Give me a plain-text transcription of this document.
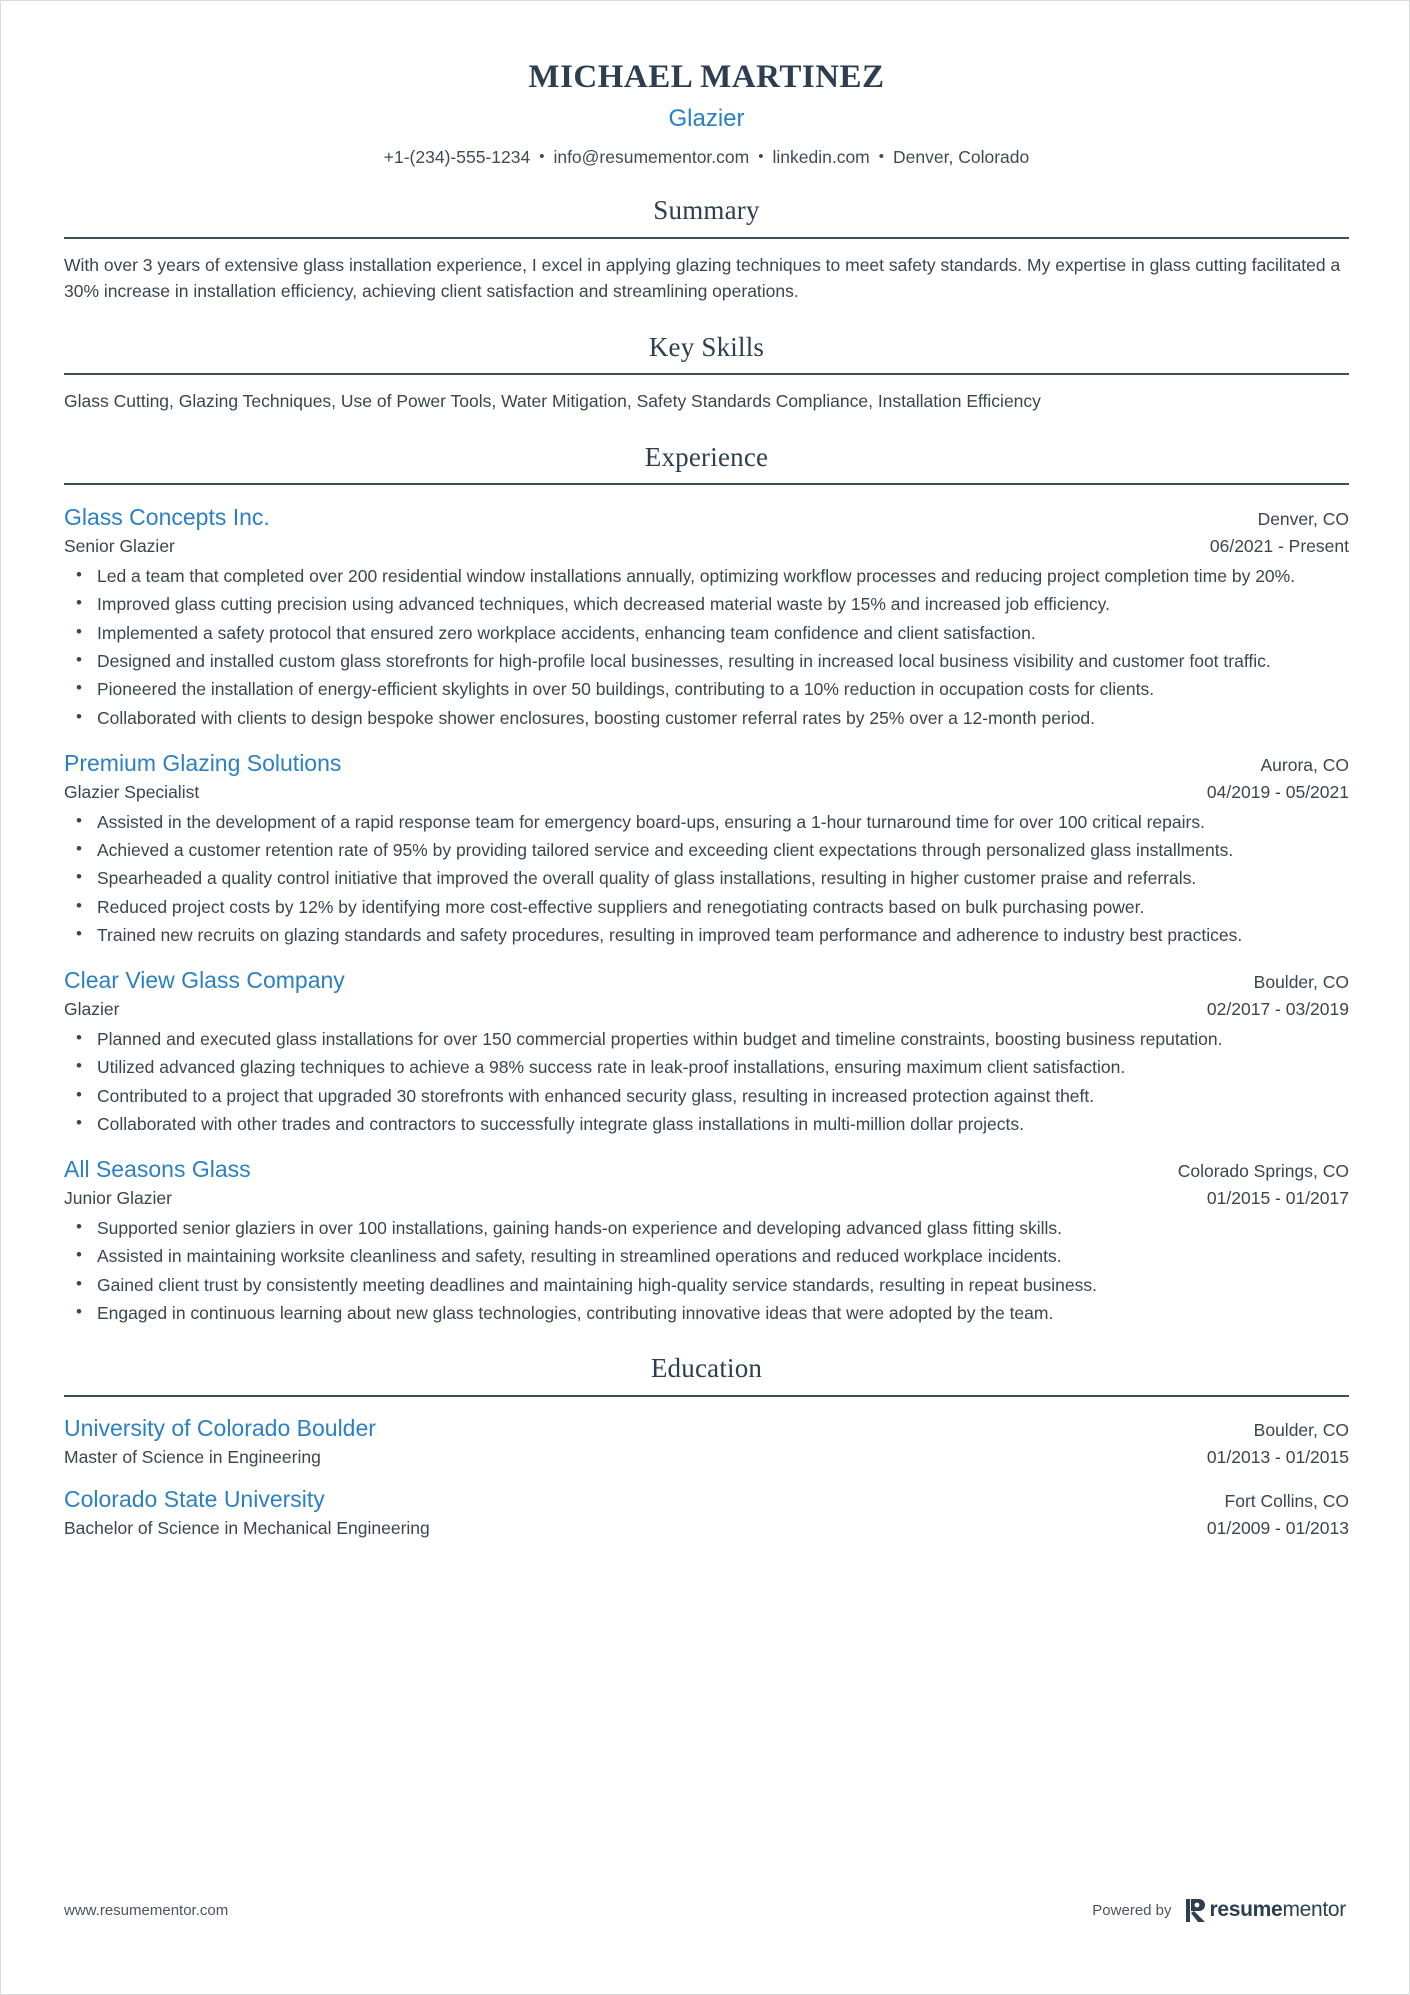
MICHAEL MARTINEZ
Glazier
+1-(234)-555-1234 • info@resumementor.com • linkedin.com • Denver, Colorado
Summary
With over 3 years of extensive glass installation experience, I excel in applying glazing techniques to meet safety standards. My expertise in glass cutting facilitated a 30% increase in installation efficiency, achieving client satisfaction and streamlining operations.
Key Skills
Glass Cutting, Glazing Techniques, Use of Power Tools, Water Mitigation, Safety Standards Compliance, Installation Efficiency
Experience
Glass Concepts Inc.	Denver, CO
Senior Glazier	06/2021 - Present
• Led a team that completed over 200 residential window installations annually, optimizing workflow processes and reducing project completion time by 20%.
• Improved glass cutting precision using advanced techniques, which decreased material waste by 15% and increased job efficiency.
• Implemented a safety protocol that ensured zero workplace accidents, enhancing team confidence and client satisfaction.
• Designed and installed custom glass storefronts for high-profile local businesses, resulting in increased local business visibility and customer foot traffic.
• Pioneered the installation of energy-efficient skylights in over 50 buildings, contributing to a 10% reduction in occupation costs for clients.
• Collaborated with clients to design bespoke shower enclosures, boosting customer referral rates by 25% over a 12-month period.
Premium Glazing Solutions	Aurora, CO
Glazier Specialist	04/2019 - 05/2021
• Assisted in the development of a rapid response team for emergency board-ups, ensuring a 1-hour turnaround time for over 100 critical repairs.
• Achieved a customer retention rate of 95% by providing tailored service and exceeding client expectations through personalized glass installments.
• Spearheaded a quality control initiative that improved the overall quality of glass installations, resulting in higher customer praise and referrals.
• Reduced project costs by 12% by identifying more cost-effective suppliers and renegotiating contracts based on bulk purchasing power.
• Trained new recruits on glazing standards and safety procedures, resulting in improved team performance and adherence to industry best practices.
Clear View Glass Company	Boulder, CO
Glazier	02/2017 - 03/2019
• Planned and executed glass installations for over 150 commercial properties within budget and timeline constraints, boosting business reputation.
• Utilized advanced glazing techniques to achieve a 98% success rate in leak-proof installations, ensuring maximum client satisfaction.
• Contributed to a project that upgraded 30 storefronts with enhanced security glass, resulting in increased protection against theft.
• Collaborated with other trades and contractors to successfully integrate glass installations in multi-million dollar projects.
All Seasons Glass	Colorado Springs, CO
Junior Glazier	01/2015 - 01/2017
• Supported senior glaziers in over 100 installations, gaining hands-on experience and developing advanced glass fitting skills.
• Assisted in maintaining worksite cleanliness and safety, resulting in streamlined operations and reduced workplace incidents.
• Gained client trust by consistently meeting deadlines and maintaining high-quality service standards, resulting in repeat business.
• Engaged in continuous learning about new glass technologies, contributing innovative ideas that were adopted by the team.
Education
University of Colorado Boulder	Boulder, CO
Master of Science in Engineering	01/2013 - 01/2015
Colorado State University	Fort Collins, CO
Bachelor of Science in Mechanical Engineering	01/2009 - 01/2013
www.resumementor.com	Powered by resumementor
